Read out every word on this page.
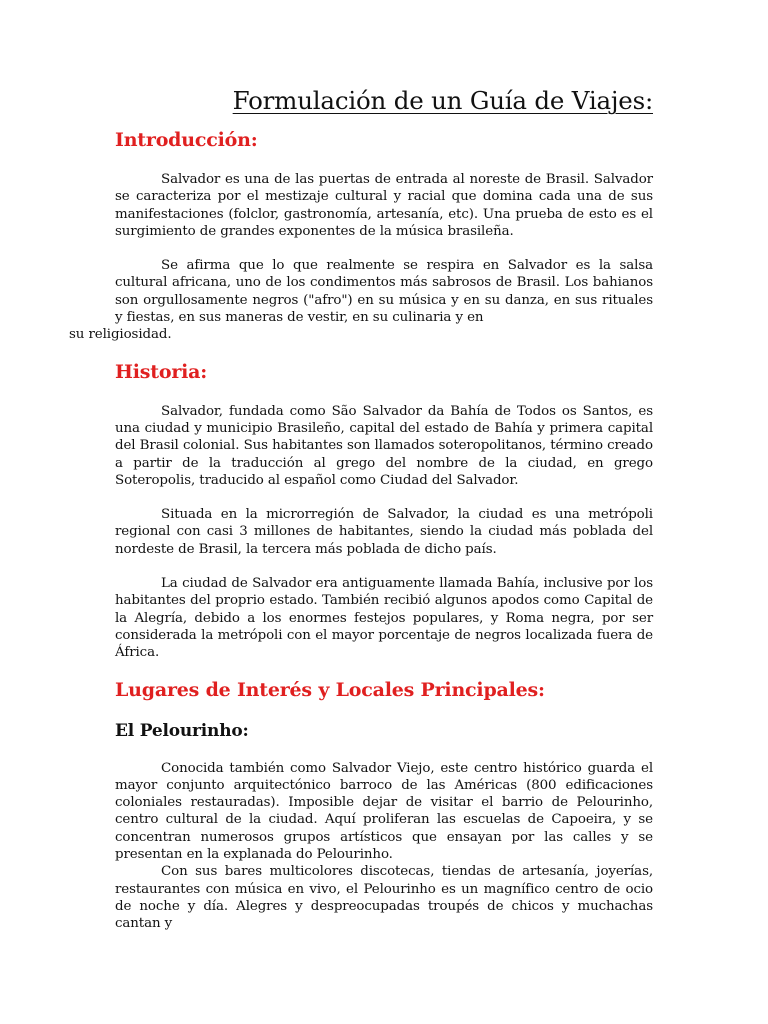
Formulación de un Guía de Viajes:
Introducción:

Salvador es una de las puertas de entrada al noreste de Brasil. Salvador se caracteriza por el mestizaje cultural y racial que domina cada una de sus manifestaciones (folclor, gastronomía, artesanía, etc). Una prueba de esto es el surgimiento de grandes exponentes de la música brasileña.

Se afirma que lo que realmente se respira en Salvador es la salsa cultural africana, uno de los condimentos más sabrosos de Brasil. Los bahianos son orgullosamente negros ("afro") en su música y en su danza, en sus rituales y fiestas, en sus maneras de vestir, en su culinaria y en
su religiosidad.

Historia:

Salvador, fundada como São Salvador da Bahía de Todos os Santos, es una ciudad y municipio Brasileño, capital del estado de Bahía y primera capital del Brasil colonial. Sus habitantes son llamados soteropolitanos, término creado a partir de la traducción al grego del nombre de la ciudad, en grego Soteropolis, traducido al español como Ciudad del Salvador.

Situada en la microrregión de Salvador, la ciudad es una metrópoli regional con casi 3 millones de habitantes, siendo la ciudad más poblada del nordeste de Brasil, la tercera más poblada de dicho país.

La ciudad de Salvador era antiguamente llamada Bahía, inclusive por los habitantes del proprio estado. También recibió algunos apodos como Capital de la Alegría, debido a los enormes festejos populares, y Roma negra, por ser considerada la metrópoli con el mayor porcentaje de negros localizada fuera de África.

Lugares de Interés y Locales Principales:
El Pelourinho:

Conocida también como Salvador Viejo, este centro histórico guarda el mayor conjunto arquitectónico barroco de las Américas (800 edificaciones coloniales restauradas). Imposible dejar de visitar el barrio de Pelourinho, centro cultural de la ciudad. Aquí proliferan las escuelas de Capoeira, y se concentran numerosos grupos artísticos que ensayan por las calles y se presentan en la explanada do Pelourinho.

Con sus bares multicolores discotecas, tiendas de artesanía, joyerías, restaurantes con música en vivo, el Pelourinho es un magnífico centro de ocio de noche y día. Alegres y despreocupadas troupés de chicos y muchachas cantan y
